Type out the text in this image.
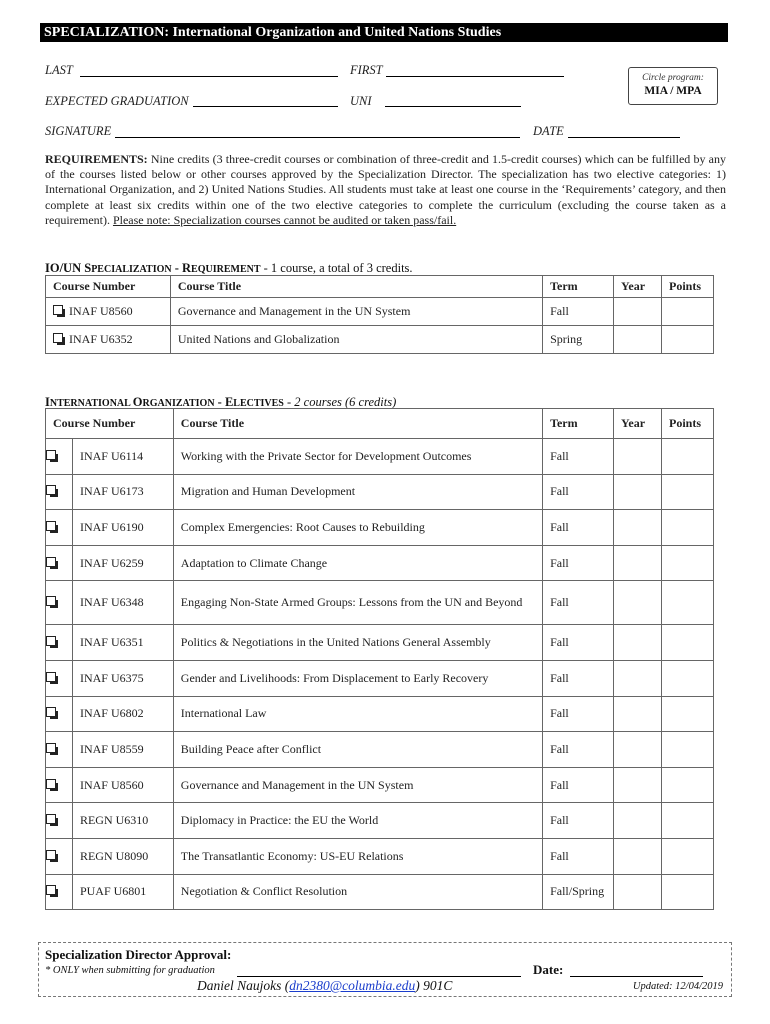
SPECIALIZATION: International Organization and United Nations Studies
LAST	FIRST
EXPECTED GRADUATION	UNI
Circle program:
MIA / MPA
SIGNATURE	DATE
REQUIREMENTS: Nine credits (3 three-credit courses or combination of three-credit and 1.5-credit courses) which can be fulfilled by any of the courses listed below or other courses approved by the Specialization Director. The specialization has two elective categories: 1) International Organization, and 2) United Nations Studies. All students must take at least one course in the ‘Requirements’ category, and then complete at least six credits within one of the two elective categories to complete the curriculum (excluding the course taken as a requirement). Please note: Specialization courses cannot be audited or taken pass/fail.
IO/UN SPECIALIZATION - REQUIREMENT - 1 course, a total of 3 credits.
Course Number	Course Title	Term	Year	Points
INAF U8560	Governance and Management in the UN System	Fall		
INAF U6352	United Nations and Globalization	Spring		
INTERNATIONAL ORGANIZATION - ELECTIVES - 2 courses (6 credits)
Course Number		Course Title	Term	Year	Points
	INAF U6114	Working with the Private Sector for Development Outcomes	Fall		
	INAF U6173	Migration and Human Development	Fall		
	INAF U6190	Complex Emergencies: Root Causes to Rebuilding	Fall		
	INAF U6259	Adaptation to Climate Change	Fall		
	INAF U6348	Engaging Non-State Armed Groups: Lessons from the UN and Beyond	Fall		
	INAF U6351	Politics & Negotiations in the United Nations General Assembly	Fall		
	INAF U6375	Gender and Livelihoods: From Displacement to Early Recovery	Fall		
	INAF U6802	International Law	Fall		
	INAF U8559	Building Peace after Conflict	Fall		
	INAF U8560	Governance and Management in the UN System	Fall		
	REGN U6310	Diplomacy in Practice: the EU the World	Fall		
	REGN U8090	The Transatlantic Economy: US-EU Relations	Fall		
	PUAF U6801	Negotiation & Conflict Resolution	Fall/Spring		
Specialization Director Approval:
* ONLY when submitting for graduation	Date:
Daniel Naujoks (dn2380@columbia.edu) 901C	Updated: 12/04/2019
